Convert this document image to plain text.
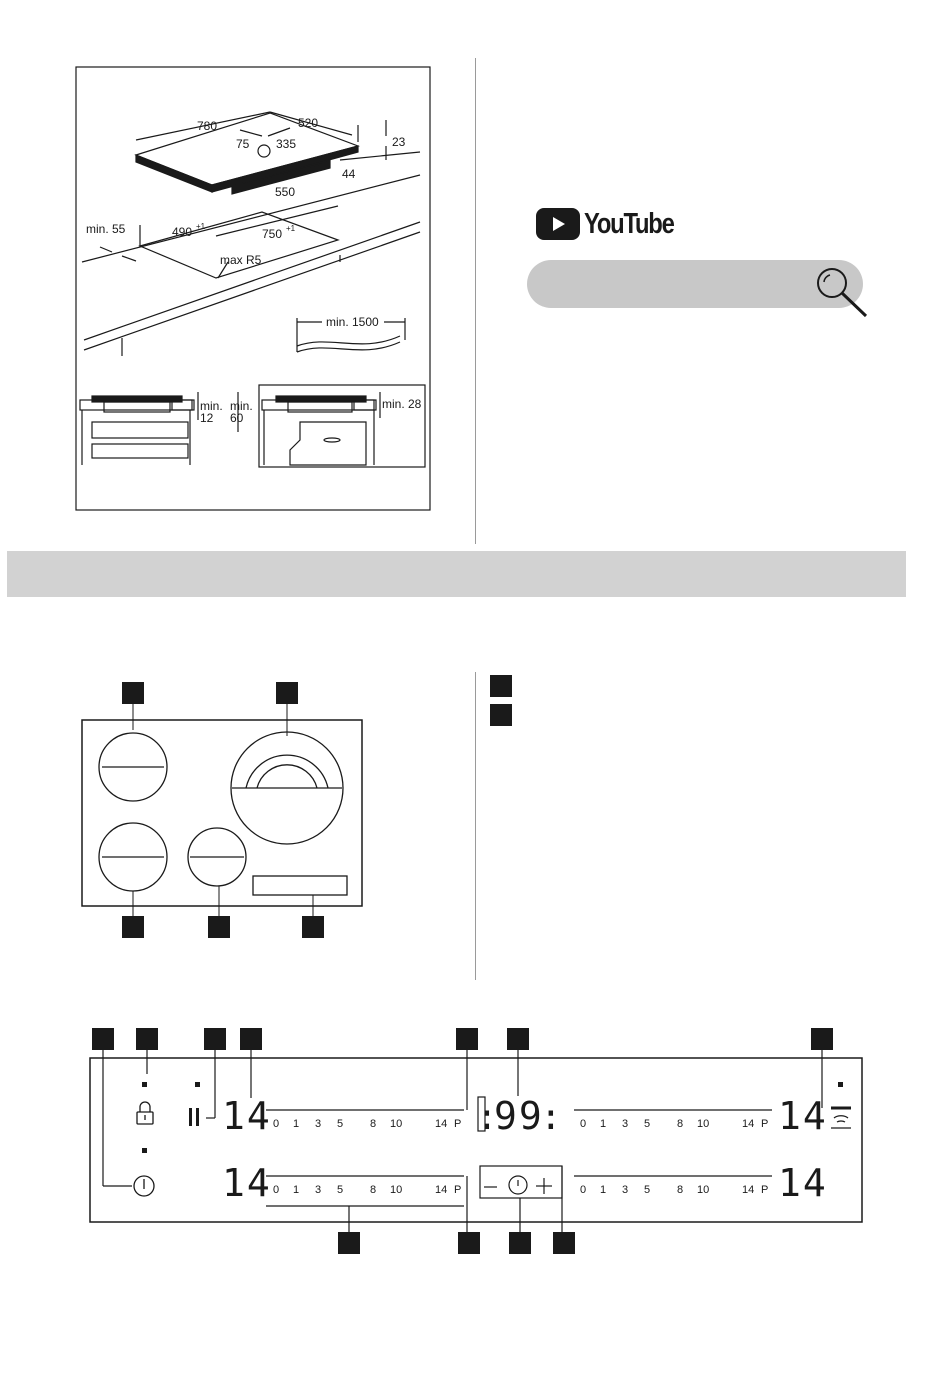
780	520
75 335	23
44
550
min. 55	490 +1
750 +1
max R5
min. 1500
min.
12
min.
60
min. 28
YouTube
14
14
14
14
:
99
:
0 1 3 5 8 10	14 P
0 1 3 5 8 10	14 P
0 1 3 5 8 10	14 P
0 1 3 5 8 10	14 P
